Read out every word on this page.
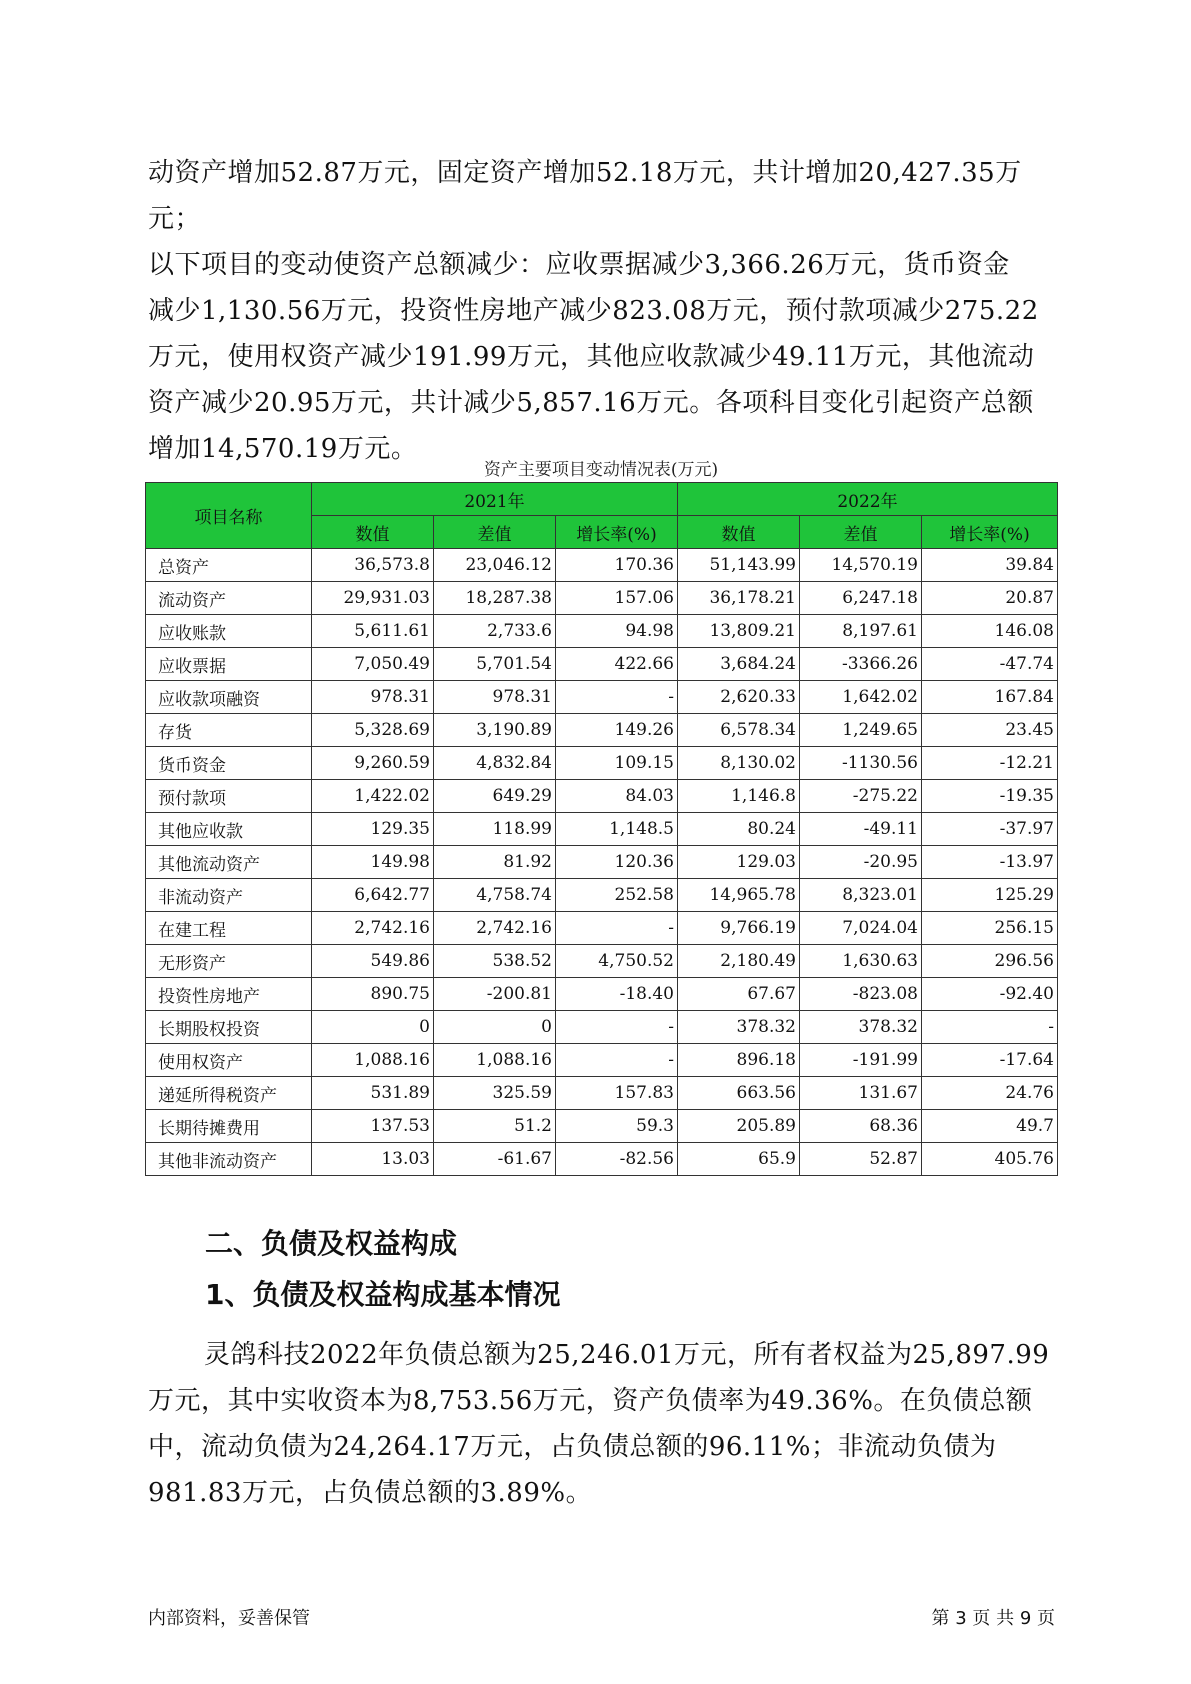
动资产增加52.87万元，固定资产增加52.18万元，共计增加20,427.35万元；

以下项目的变动使资产总额减少：应收票据减少3,366.26万元，货币资金

减少1,130.56万元，投资性房地产减少823.08万元，预付款项减少275.22

万元，使用权资产减少191.99万元，其他应收款减少49.11万元，其他流动

资产减少20.95万元，共计减少5,857.16万元。各项科目变化引起资产总额

增加14,570.19万元。

资产主要项目变动情况表(万元)
项目名称	2021年			2022年		
	数值	差值	增长率(%)	数值	差值	增长率(%)
总资产	36,573.8	23,046.12	170.36	51,143.99	14,570.19	39.84
流动资产	29,931.03	18,287.38	157.06	36,178.21	6,247.18	20.87
应收账款	5,611.61	2,733.6	94.98	13,809.21	8,197.61	146.08
应收票据	7,050.49	5,701.54	422.66	3,684.24	-3366.26	-47.74
应收款项融资	978.31	978.31	-	2,620.33	1,642.02	167.84
存货	5,328.69	3,190.89	149.26	6,578.34	1,249.65	23.45
货币资金	9,260.59	4,832.84	109.15	8,130.02	-1130.56	-12.21
预付款项	1,422.02	649.29	84.03	1,146.8	-275.22	-19.35
其他应收款	129.35	118.99	1,148.5	80.24	-49.11	-37.97
其他流动资产	149.98	81.92	120.36	129.03	-20.95	-13.97
非流动资产	6,642.77	4,758.74	252.58	14,965.78	8,323.01	125.29
在建工程	2,742.16	2,742.16	-	9,766.19	7,024.04	256.15
无形资产	549.86	538.52	4,750.52	2,180.49	1,630.63	296.56
投资性房地产	890.75	-200.81	-18.40	67.67	-823.08	-92.40
长期股权投资	0	0	-	378.32	378.32	-
使用权资产	1,088.16	1,088.16	-	896.18	-191.99	-17.64
递延所得税资产	531.89	325.59	157.83	663.56	131.67	24.76
长期待摊费用	137.53	51.2	59.3	205.89	68.36	49.7
其他非流动资产	13.03	-61.67	-82.56	65.9	52.87	405.76
二、负债及权益构成
1、负债及权益构成基本情况

灵鸽科技2022年负债总额为25,246.01万元，所有者权益为25,897.99

万元，其中实收资本为8,753.56万元，资产负债率为49.36%。在负债总额

中，流动负债为24,264.17万元，占负债总额的96.11%；非流动负债为

981.83万元，占负债总额的3.89%。

内部资料，妥善保管	第 3 页 共 9 页
